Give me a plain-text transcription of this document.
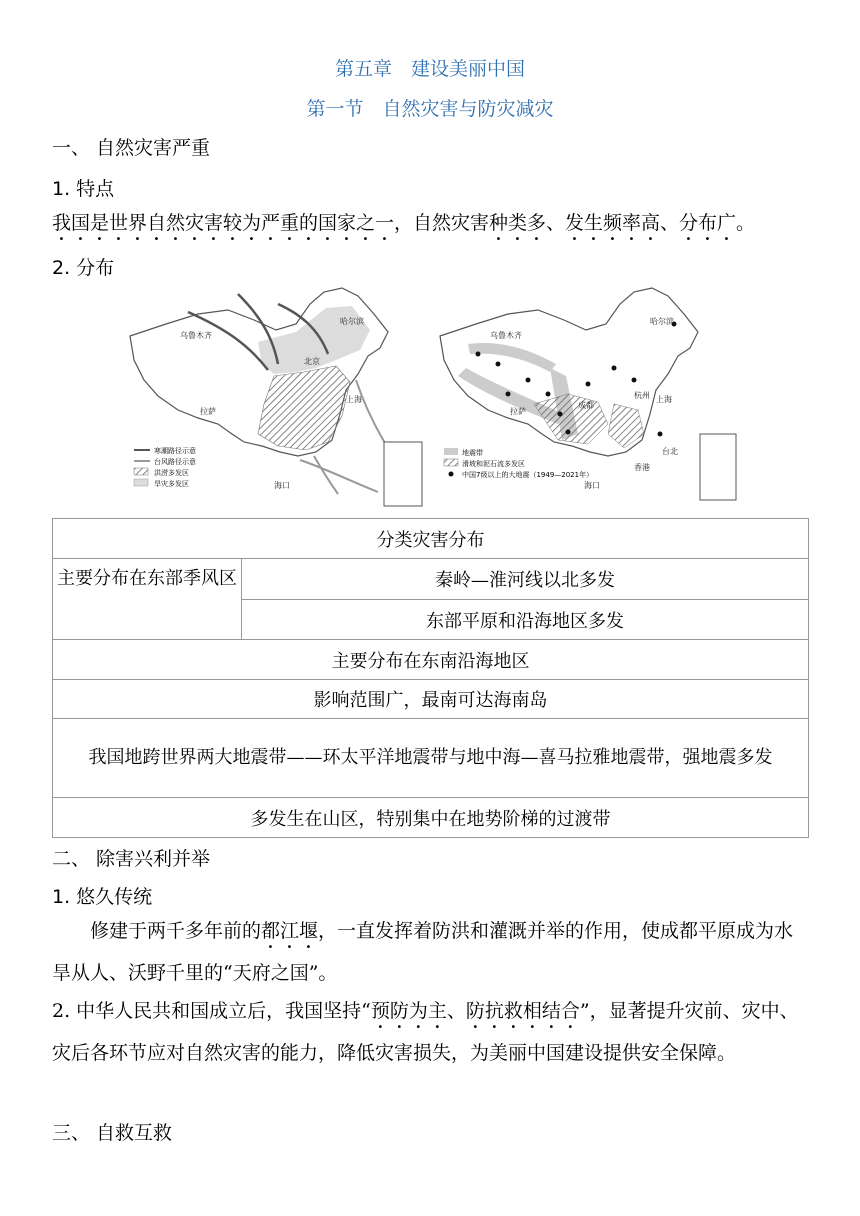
第五章　建设美丽中国
第一节　自然灾害与防灾减灾
一、 自然灾害严重
1. 特点
我国是世界自然灾害较为严重的国家之一，自然灾害种类多、发生频率高、分布广。
2. 分布
乌鲁木齐
哈尔滨
北京
上海
拉萨
海口
寒潮路径示意
台风路径示意
洪涝多发区
旱灾多发区
乌鲁木齐
哈尔滨
上海
拉萨
成都
杭州
台北
香港
海口
地震带
滑坡和泥石流多发区
中国7级以上的大地震（1949—2021年）
分类灾害分布
主要分布在东部季风区	秦岭—淮河线以北多发
东部平原和沿海地区多发
主要分布在东南沿海地区
影响范围广，最南可达海南岛
我国地跨世界两大地震带——环太平洋地震带与地中海—喜马拉雅地震带，强地震多发
多发生在山区，特别集中在地势阶梯的过渡带
二、 除害兴利并举
1. 悠久传统
修建于两千多年前的都江堰，一直发挥着防洪和灌溉并举的作用，使成都平原成为水旱从人、沃野千里的“天府之国”。
2. 中华人民共和国成立后，我国坚持“预防为主、防抗救相结合”，显著提升灾前、灾中、灾后各环节应对自然灾害的能力，降低灾害损失，为美丽中国建设提供安全保障。
三、 自救互救
